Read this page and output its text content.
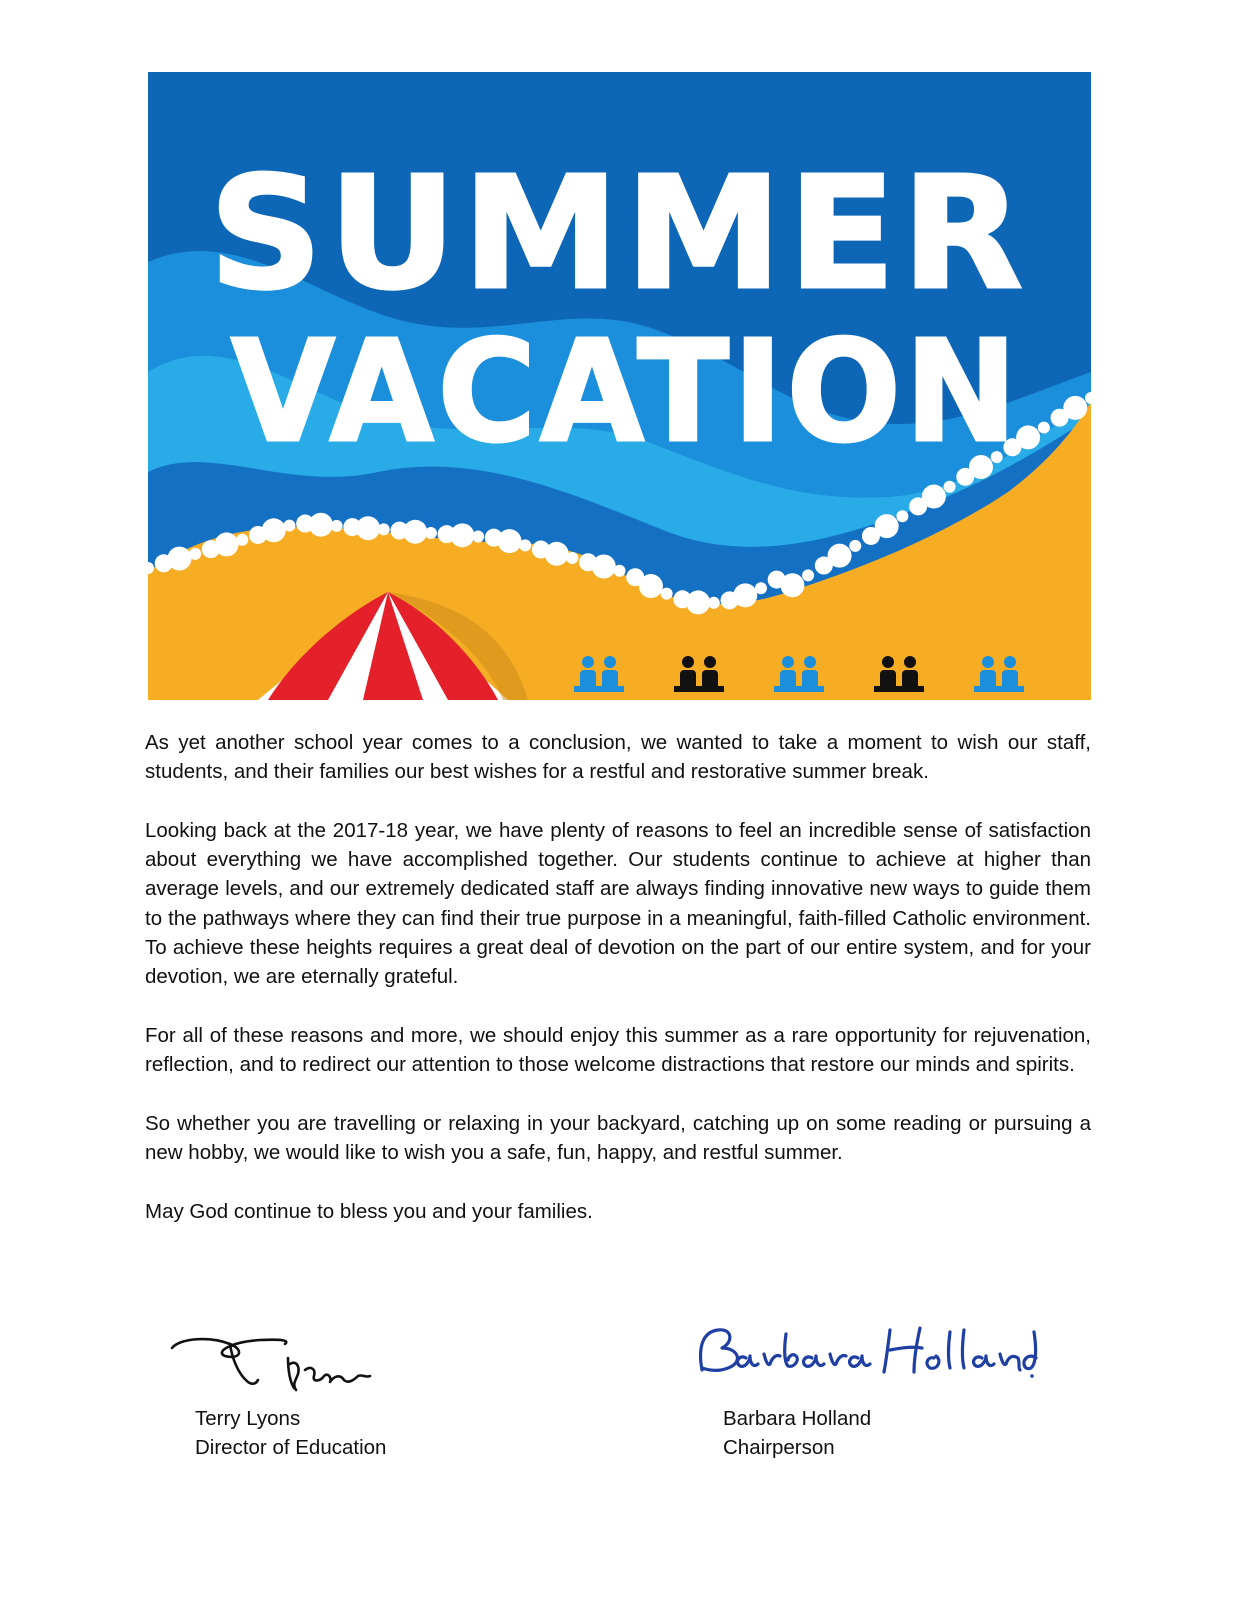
SUMMER
VACATION

As yet another school year comes to a conclusion, we wanted to take a moment to wish our staff, students, and their families our best wishes for a restful and restorative summer break.

Looking back at the 2017-18 year, we have plenty of reasons to feel an incredible sense of satisfaction about everything we have accomplished together. Our students continue to achieve at higher than average levels, and our extremely dedicated staff are always finding innovative new ways to guide them to the pathways where they can find their true purpose in a meaningful, faith-filled Catholic environment. To achieve these heights requires a great deal of devotion on the part of our entire system, and for your devotion, we are eternally grateful.

For all of these reasons and more, we should enjoy this summer as a rare opportunity for rejuvenation, reflection, and to redirect our attention to those welcome distractions that restore our minds and spirits.

So whether you are travelling or relaxing in your backyard, catching up on some reading or pursuing a new hobby, we would like to wish you a safe, fun, happy, and restful summer.

May God continue to bless you and your families.

Terry Lyons
Director of Education
Barbara Holland
Chairperson
